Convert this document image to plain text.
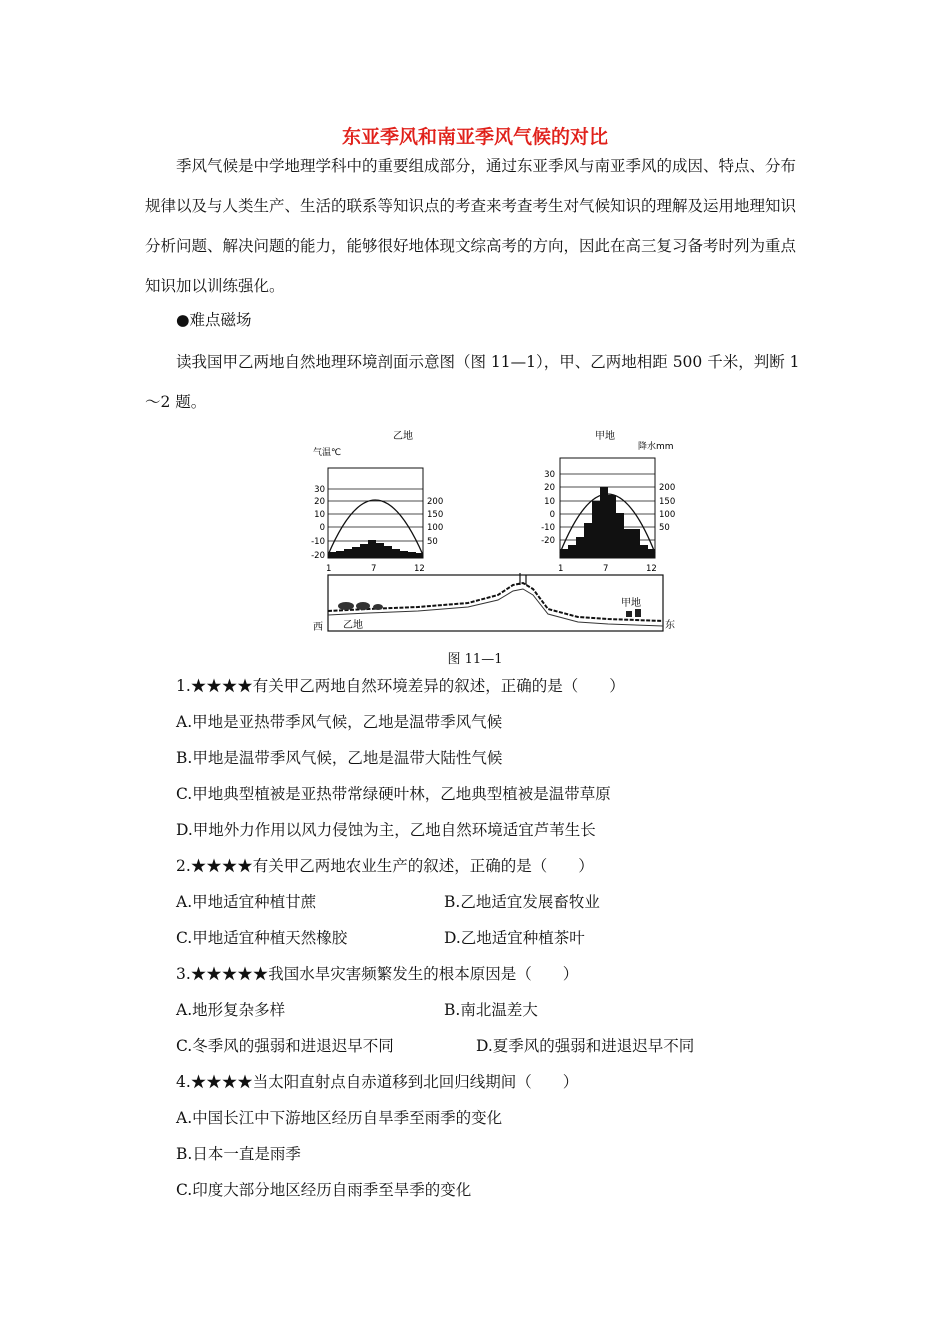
东亚季风和南亚季风气候的对比

季风气候是中学地理学科中的重要组成部分，通过东亚季风与南亚季风的成因、特点、分布规律以及与人类生产、生活的联系等知识点的考查来考查考生对气候知识的理解及运用地理知识分析问题、解决问题的能力，能够很好地体现文综高考的方向，因此在高三复习备考时列为重点知识加以训练强化。

●难点磁场

读我国甲乙两地自然地理环境剖面示意图（图 11—1），甲、乙两地相距 500 千米，判断 1～2 题。

乙地
气温℃
30
20
10
0
-10
-20
200
150
100
50
1	7	12
甲地
降水mm
30
20
10
0
-10
-20
200
150
100
50
1	7	12
西	东
乙地
甲地
图 11—1
1.★★★★有关甲乙两地自然环境差异的叙述，正确的是（　　）
A.甲地是亚热带季风气候，乙地是温带季风气候
B.甲地是温带季风气候，乙地是温带大陆性气候
C.甲地典型植被是亚热带常绿硬叶林，乙地典型植被是温带草原
D.甲地外力作用以风力侵蚀为主，乙地自然环境适宜芦苇生长
2.★★★★有关甲乙两地农业生产的叙述，正确的是（　　）
A.甲地适宜种植甘蔗	B.乙地适宜发展畜牧业
C.甲地适宜种植天然橡胶	D.乙地适宜种植茶叶
3.★★★★★我国水旱灾害频繁发生的根本原因是（　　）
A.地形复杂多样	B.南北温差大
C.冬季风的强弱和进退迟早不同	D.夏季风的强弱和进退迟早不同
4.★★★★当太阳直射点自赤道移到北回归线期间（　　）
A.中国长江中下游地区经历自旱季至雨季的变化
B.日本一直是雨季
C.印度大部分地区经历自雨季至旱季的变化
